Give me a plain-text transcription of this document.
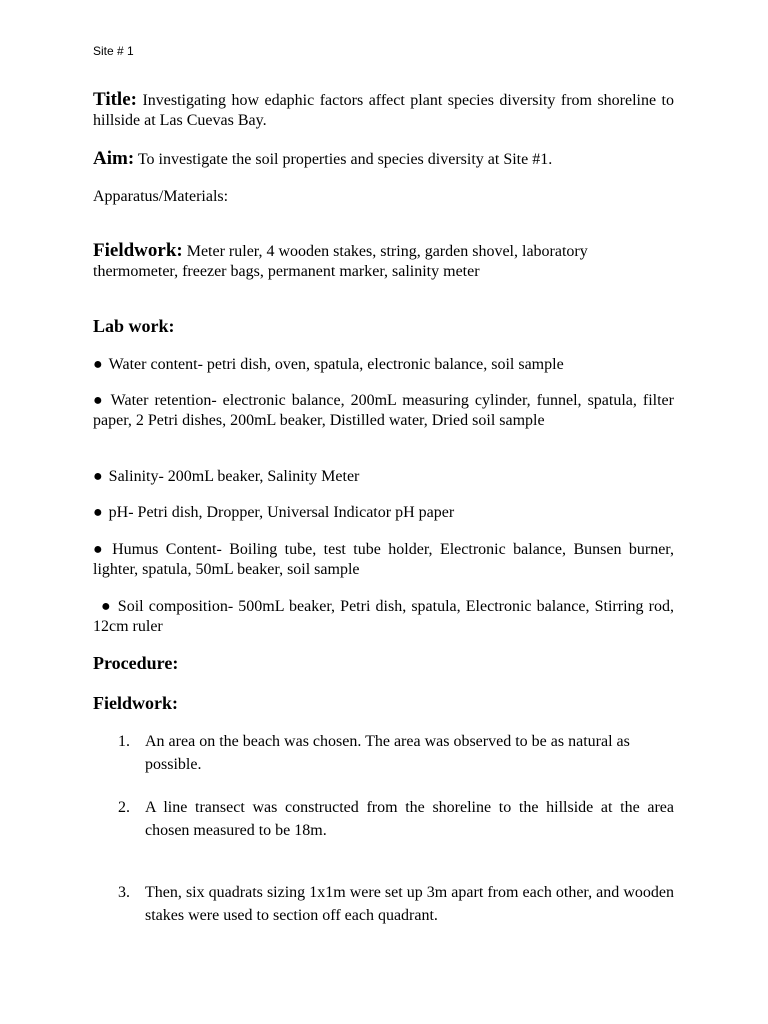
Site # 1
Title: Investigating how edaphic factors affect plant species diversity from shoreline to hillside at Las Cuevas Bay.
Aim: To investigate the soil properties and species diversity at Site #1.
Apparatus/Materials:
Fieldwork: Meter ruler, 4 wooden stakes, string, garden shovel, laboratory thermometer, freezer bags, permanent marker, salinity meter
Lab work:
● Water content- petri dish, oven, spatula, electronic balance, soil sample
● Water retention- electronic balance, 200mL measuring cylinder, funnel, spatula, filter paper, 2 Petri dishes, 200mL beaker, Distilled water, Dried soil sample
● Salinity- 200mL beaker, Salinity Meter
● pH- Petri dish, Dropper, Universal Indicator pH paper
● Humus Content- Boiling tube, test tube holder, Electronic balance, Bunsen burner, lighter, spatula, 50mL beaker, soil sample
● Soil composition- 500mL beaker, Petri dish, spatula, Electronic balance, Stirring rod, 12cm ruler
Procedure:
Fieldwork:
1. An area on the beach was chosen. The area was observed to be as natural as possible.
2. A line transect was constructed from the shoreline to the hillside at the area chosen measured to be 18m.
3. Then, six quadrats sizing 1x1m were set up 3m apart from each other, and wooden stakes were used to section off each quadrant.
